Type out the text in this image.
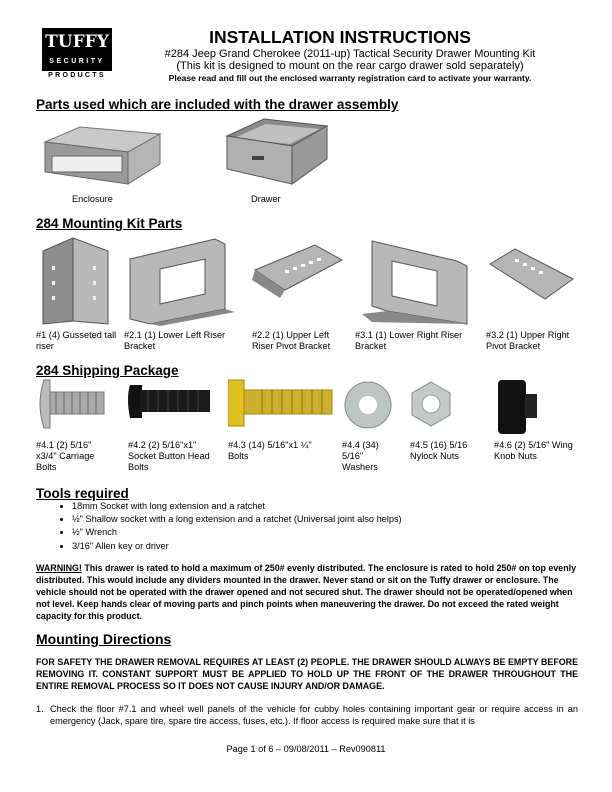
TUFFY
SECURITY
PRODUCTS
INSTALLATION INSTRUCTIONS
#284 Jeep Grand Cherokee (2011-up) Tactical Security Drawer Mounting Kit
(This kit is designed to mount on the rear cargo drawer sold separately)
Please read and fill out the enclosed warranty registration card to activate your warranty.
Parts used which are included with the drawer assembly
Enclosure	Drawer
284 Mounting Kit Parts
#1 (4) Gusseted tall riser
#2.1 (1) Lower Left Riser Bracket
#2.2 (1) Upper Left Riser Pivot Bracket
#3.1 (1) Lower Right Riser Bracket
#3.2 (1) Upper Right Pivot Bracket
284 Shipping Package
#4.1 (2) 5/16" x3/4" Carriage Bolts
#4.2 (2) 5/16"x1" Socket Button Head Bolts
#4.3 (14) 5/16"x1 ¼" Bolts
#4.4 (34) 5/16" Washers
#4.5 (16) 5/16 Nylock Nuts
#4.6 (2) 5/16" Wing Knob Nuts
Tools required
• 18mm Socket with long extension and a ratchet
• ½" Shallow socket with a long extension and a ratchet (Universal joint also helps)
• ½" Wrench
• 3/16" Allen key or driver
WARNING! This drawer is rated to hold a maximum of 250# evenly distributed. The enclosure is rated to hold 250# on top evenly distributed. This would include any dividers mounted in the drawer. Never stand or sit on the Tuffy drawer or enclosure. The vehicle should not be operated with the drawer opened and not secured shut. The drawer should not be operated/opened when not level. Keep hands clear of moving parts and pinch points when maneuvering the drawer. Do not exceed the rated weight capacity for this product.
Mounting Directions
FOR SAFETY THE DRAWER REMOVAL REQUIRES AT LEAST (2) PEOPLE. THE DRAWER SHOULD ALWAYS BE EMPTY BEFORE REMOVING IT. CONSTANT SUPPORT MUST BE APPLIED TO HOLD UP THE FRONT OF THE DRAWER THROUGHOUT THE ENTIRE REMOVAL PROCESS SO IT DOES NOT CAUSE INJURY AND/OR DAMAGE.
1. Check the floor #7.1 and wheel well panels of the vehicle for cubby holes containing important gear or require access in an emergency (Jack, spare tire, spare tire access, fuses, etc.). If floor access is required make sure that it is
Page 1 of 6 – 09/08/2011 – Rev090811
